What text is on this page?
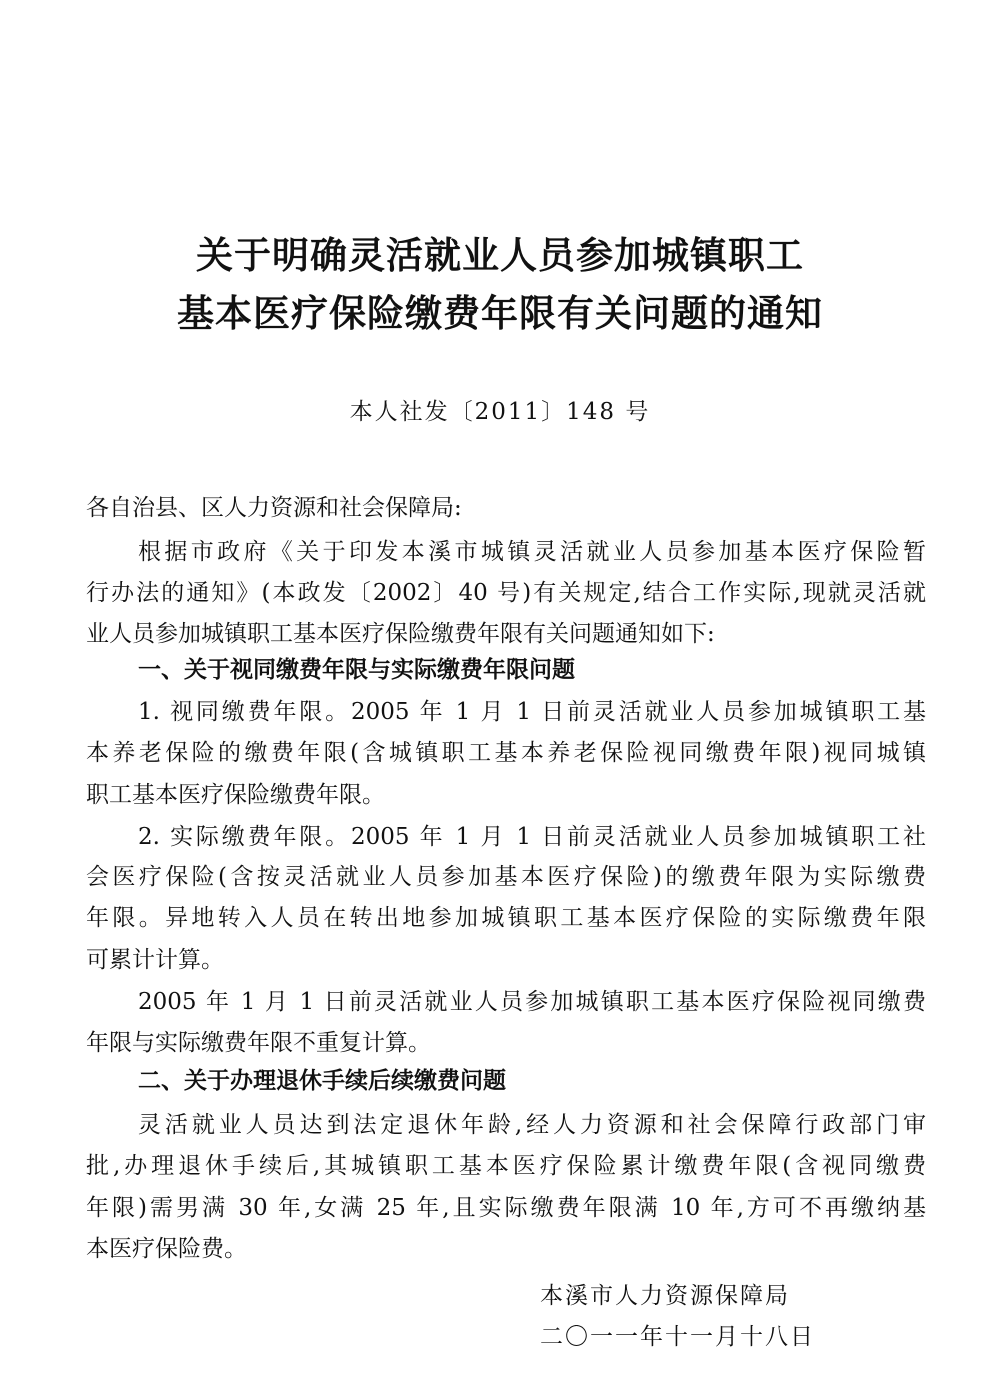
关于明确灵活就业人员参加城镇职工
基本医疗保险缴费年限有关问题的通知
本人社发〔2011〕148 号
各自治县、区人力资源和社会保障局:
根据市政府《关于印发本溪市城镇灵活就业人员参加基本医疗保险暂
行办法的通知》(本政发〔2002〕40 号)有关规定,结合工作实际,现就灵活就
业人员参加城镇职工基本医疗保险缴费年限有关问题通知如下:
一、关于视同缴费年限与实际缴费年限问题
1. 视同缴费年限。2005 年 1 月 1 日前灵活就业人员参加城镇职工基
本养老保险的缴费年限(含城镇职工基本养老保险视同缴费年限)视同城镇
职工基本医疗保险缴费年限。
2. 实际缴费年限。2005 年 1 月 1 日前灵活就业人员参加城镇职工社
会医疗保险(含按灵活就业人员参加基本医疗保险)的缴费年限为实际缴费
年限。异地转入人员在转出地参加城镇职工基本医疗保险的实际缴费年限
可累计计算。
2005 年 1 月 1 日前灵活就业人员参加城镇职工基本医疗保险视同缴费
年限与实际缴费年限不重复计算。
二、关于办理退休手续后续缴费问题
灵活就业人员达到法定退休年龄,经人力资源和社会保障行政部门审
批,办理退休手续后,其城镇职工基本医疗保险累计缴费年限(含视同缴费
年限)需男满 30 年,女满 25 年,且实际缴费年限满 10 年,方可不再缴纳基
本医疗保险费。
本溪市人力资源保障局
二〇一一年十一月十八日
